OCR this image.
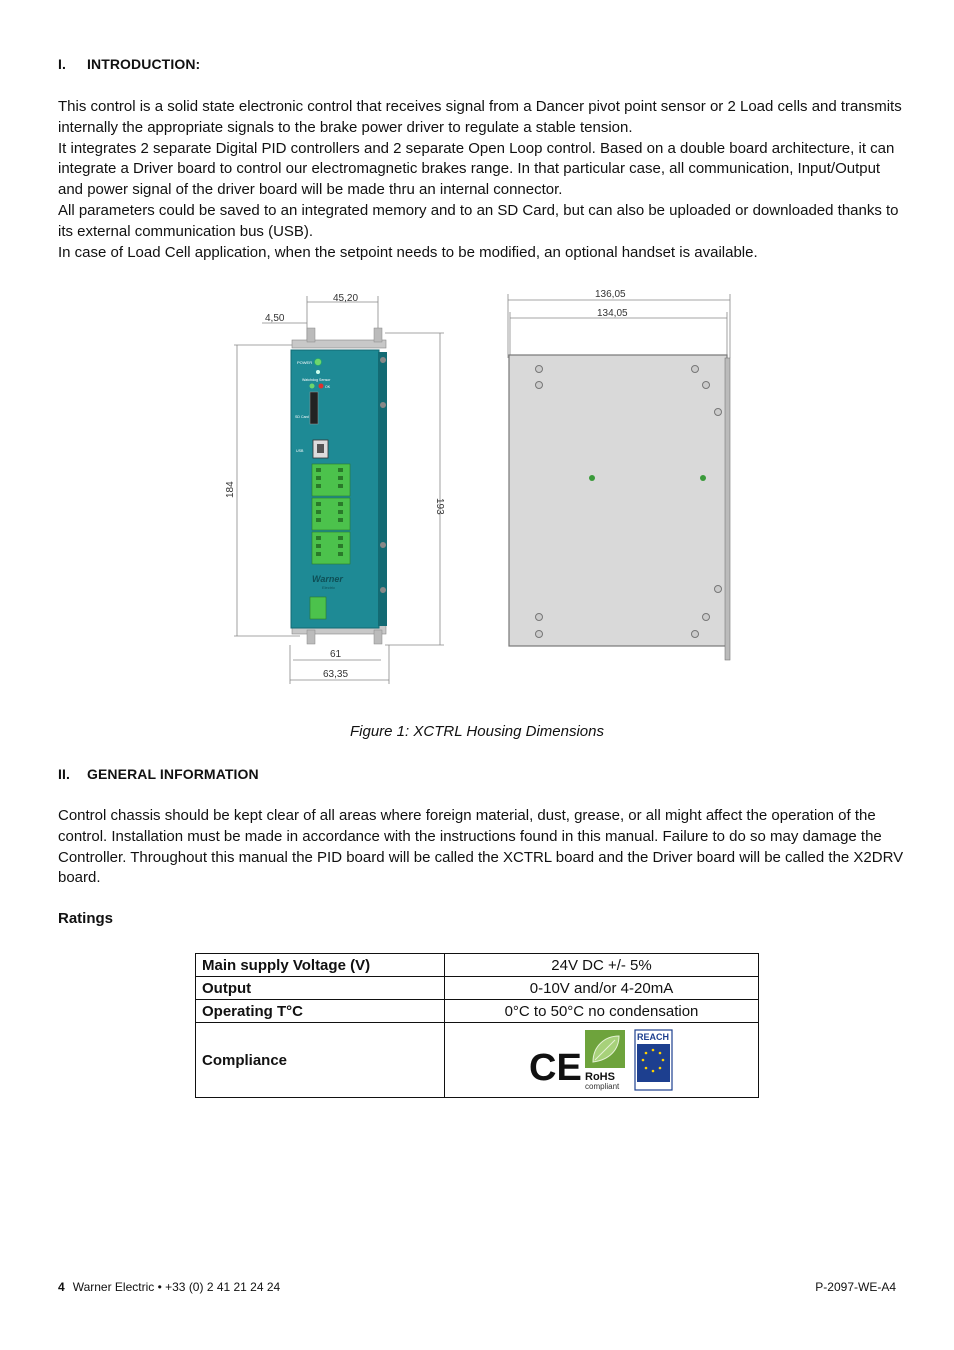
I. INTRODUCTION:

This control is a solid state electronic control that receives signal from a Dancer pivot point sensor or 2 Load cells and transmits internally the appropriate signals to the brake power driver to regulate a stable tension.

It integrates 2 separate Digital PID controllers and 2 separate Open Loop control. Based on a double board architecture, it can integrate a Driver board to control our electromagnetic brakes range. In that particular case, all communication, Input/Output and power signal of the driver board will be made thru an internal connector.

All parameters could be saved to an integrated memory and to an SD Card, but can also be uploaded or downloaded thanks to its external communication bus (USB).

In case of Load Cell application, when the setpoint needs to be modified, an optional handset is available.

45,20
4,50
184
193
61
63,35
POWER
Watchdog Sensor
OK
SD Card
USB
Warner
Electric
136,05
134,05
Figure 1: XCTRL Housing Dimensions
II. GENERAL INFORMATION

Control chassis should be kept clear of all areas where foreign material, dust, grease, or all might affect the operation of the control. Installation must be made in accordance with the instructions found in this manual. Failure to do so may damage the Controller. Throughout this manual the PID board will be called the XCTRL board and the Driver board will be called the X2DRV board.

Ratings
Main supply Voltage (V)	24V DC +/- 5%
Output	0-10V and/or 4-20mA
Operating T°C	0°C to 50°C no condensation
Compliance	CE RoHS
compliant
REACH
COMPLIANCE
4 Warner Electric • +33 (0) 2 41 21 24 24	P-2097-WE-A4
